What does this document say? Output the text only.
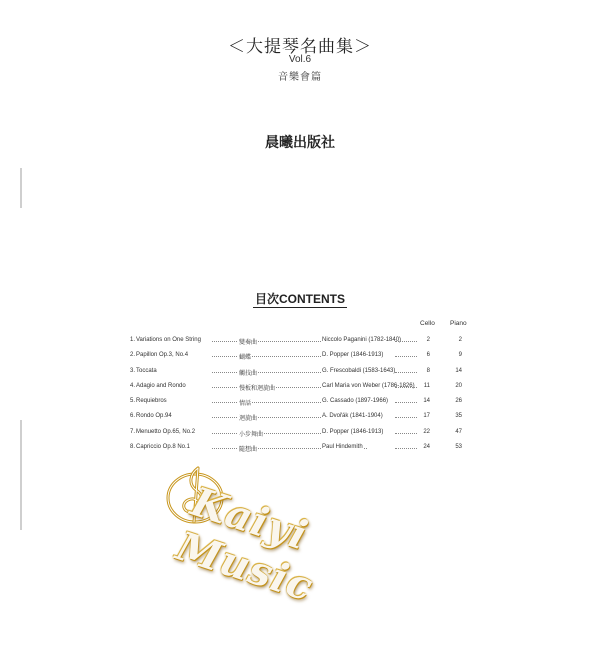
＜大提琴名曲集＞
Vol.6
音樂會篇
晨曦出版社
目次CONTENTS
Cello Piano
1. Variations on One String	變奏曲	Niccolo Paganini (1782-1840)	2	2
2. Papillon Op.3, No.4	蝴蝶	D. Popper (1846-1913)	6	9
3. Toccata	觸技曲	G. Frescobaldi (1583-1643)	8	14
4. Adagio and Rondo	慢板和迴旋曲	Carl Maria von Weber (1786-1826)	11	20
5. Requiebros	情話	G. Cassado (1897-1966)	14	26
6. Rondo Op.94	迴旋曲	A. Dvořák (1841-1904)	17	35
7. Menuetto Op.65, No.2	小步舞曲	D. Popper (1846-1913)	22	47
8. Capriccio Op.8 No.1	隨想曲	Paul Hindemith	24	53
Kaiyi Music
